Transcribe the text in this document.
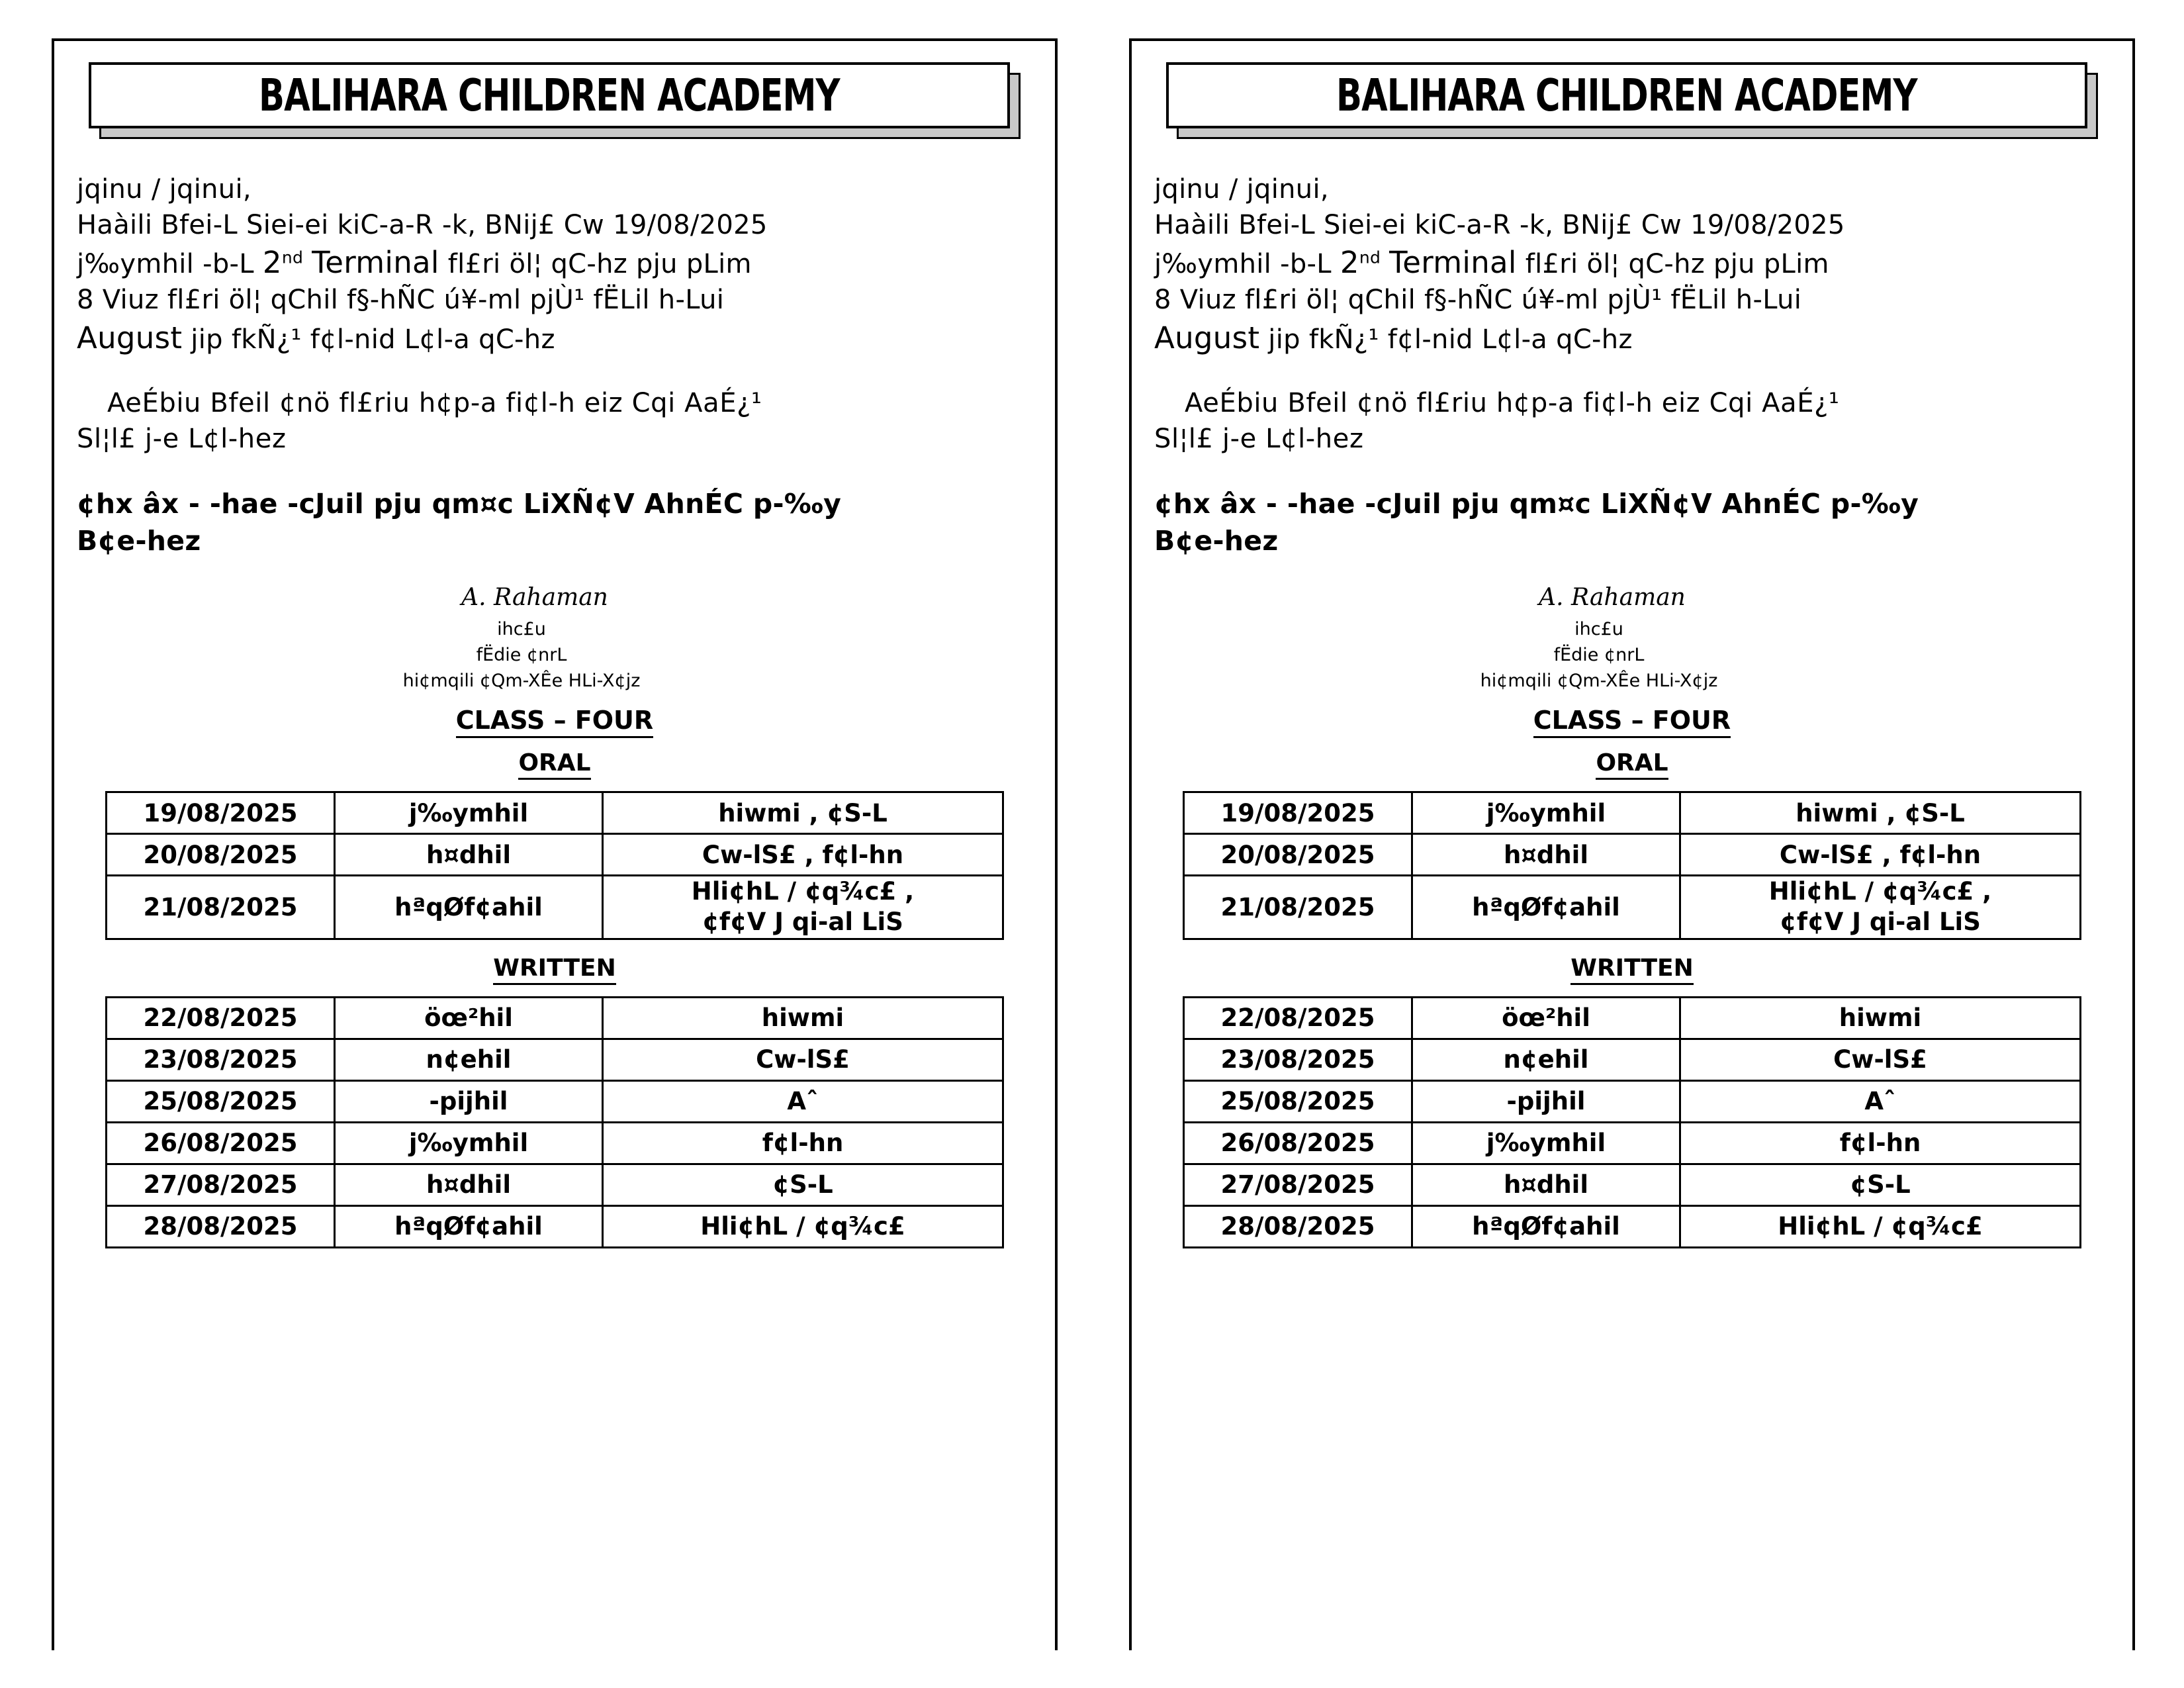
BALIHARA CHILDREN ACADEMY
jqinu / jqinui,
Haàili Bfei-L Siei-ei kiC-a-R -k, BNij£ Cw 19/08/2025
j‰ymhil -b-L 2nd Terminal fl£ri öl¦ qC-hz pju pLim
8 Viuz fl£ri öl¦ qChil f§-hÑC ú¥-ml pjÙ¹ fËLil h-Lui
August jip fkÑ¿¹ f¢l-nid L¢l-a qC-hz
AeÉbiu Bfeil ¢nö fl£riu h¢p-a fi¢l-h eiz Cqi AaÉ¿¹
Sl¦l£ j-e L¢l-hez
¢hx âx - -hae -cJuil pju qm¤c LiXÑ¢V AhnÉC p-‰y
B¢e-hez
A. Rahaman
ihc£u
fËdie ¢nrL
hi¢mqili ¢Qm-XÊe HLi-X¢jz
CLASS – FOUR
ORAL
19/08/2025	j‰ymhil	hiwmi , ¢S-L
20/08/2025	h¤dhil	Cw-lS£ , f¢l-hn
21/08/2025	hªqØf¢ahil	Hli¢hL / ¢q¾c£ ,
¢f¢V J qi-al LiS
WRITTEN
22/08/2025	öœ²hil	hiwmi
23/08/2025	n¢ehil	Cw-lS£
25/08/2025	-pijhil	Aˆ
26/08/2025	j‰ymhil	f¢l-hn
27/08/2025	h¤dhil	¢S-L
28/08/2025	hªqØf¢ahil	Hli¢hL / ¢q¾c£
BALIHARA CHILDREN ACADEMY
jqinu / jqinui,
Haàili Bfei-L Siei-ei kiC-a-R -k, BNij£ Cw 19/08/2025
j‰ymhil -b-L 2nd Terminal fl£ri öl¦ qC-hz pju pLim
8 Viuz fl£ri öl¦ qChil f§-hÑC ú¥-ml pjÙ¹ fËLil h-Lui
August jip fkÑ¿¹ f¢l-nid L¢l-a qC-hz
AeÉbiu Bfeil ¢nö fl£riu h¢p-a fi¢l-h eiz Cqi AaÉ¿¹
Sl¦l£ j-e L¢l-hez
¢hx âx - -hae -cJuil pju qm¤c LiXÑ¢V AhnÉC p-‰y
B¢e-hez
A. Rahaman
ihc£u
fËdie ¢nrL
hi¢mqili ¢Qm-XÊe HLi-X¢jz
CLASS – FOUR
ORAL
19/08/2025	j‰ymhil	hiwmi , ¢S-L
20/08/2025	h¤dhil	Cw-lS£ , f¢l-hn
21/08/2025	hªqØf¢ahil	Hli¢hL / ¢q¾c£ ,
¢f¢V J qi-al LiS
WRITTEN
22/08/2025	öœ²hil	hiwmi
23/08/2025	n¢ehil	Cw-lS£
25/08/2025	-pijhil	Aˆ
26/08/2025	j‰ymhil	f¢l-hn
27/08/2025	h¤dhil	¢S-L
28/08/2025	hªqØf¢ahil	Hli¢hL / ¢q¾c£
